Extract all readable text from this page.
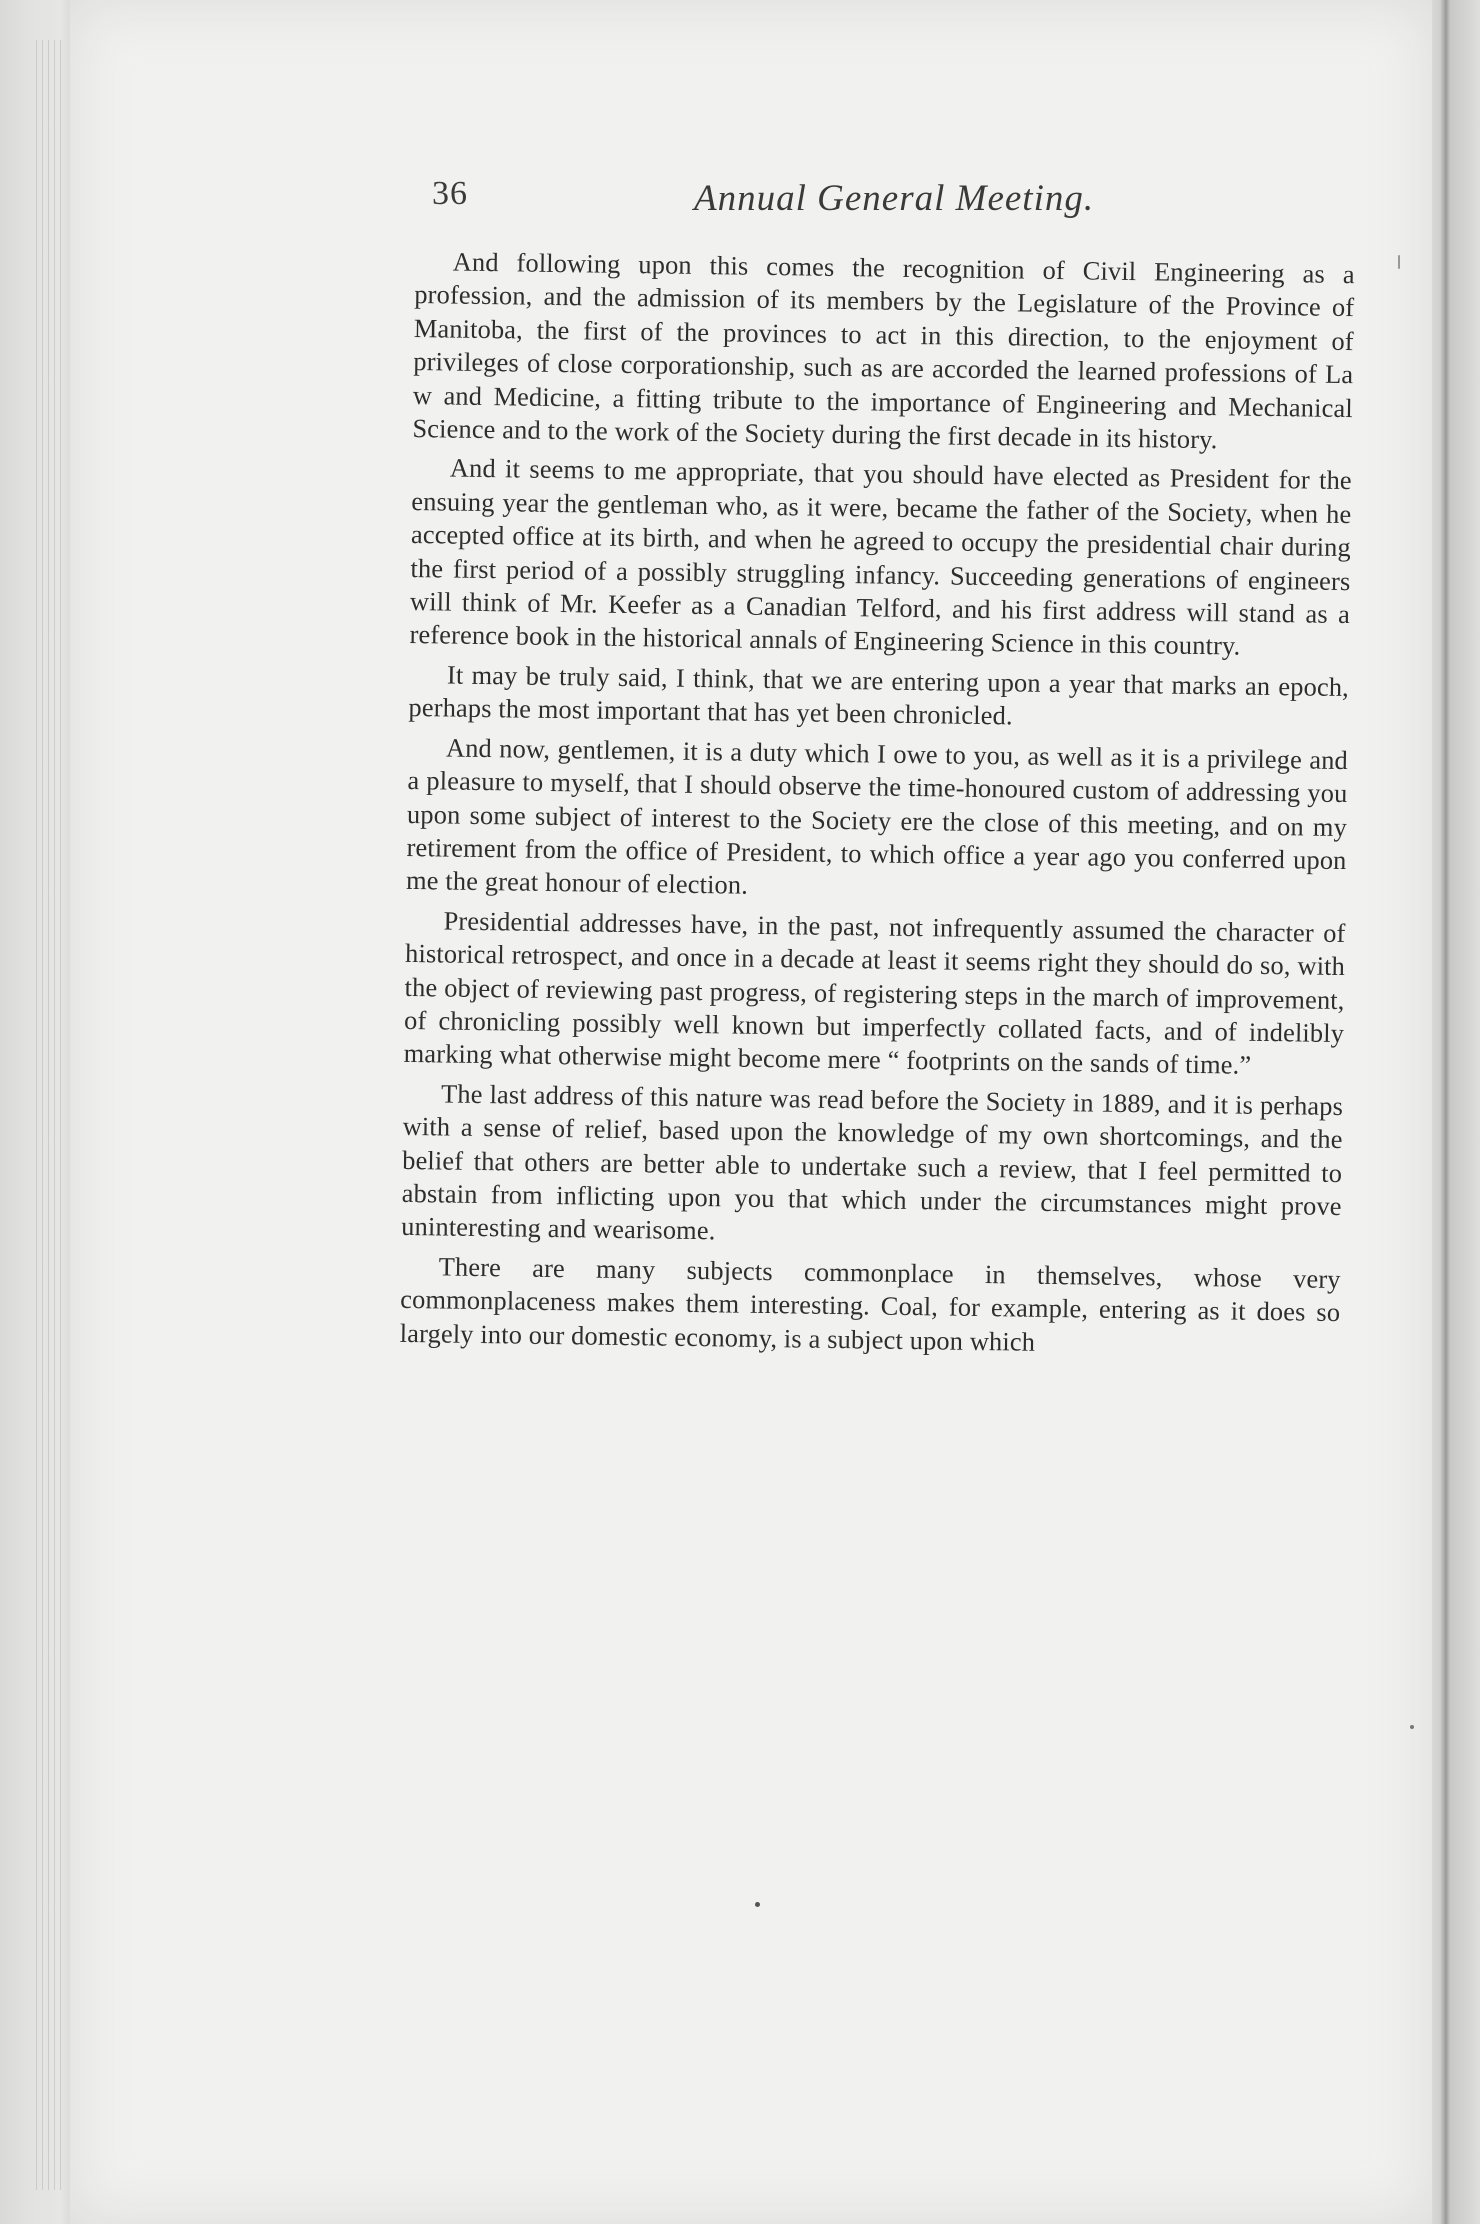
36	Annual General Meeting.

And following upon this comes the recognition of Civil Engineering as a profession, and the admission of its members by the Legislature of the Province of Manitoba, the first of the provinces to act in this direction, to the enjoyment of privileges of close corporationship, such as are accorded the learned professions of La w and Medicine, a fitting tribute to the importance of Engineering and Mechanical Science and to the work of the Society during the first decade in its history.

And it seems to me appropriate, that you should have elected as President for the ensuing year the gentleman who, as it were, became the father of the Society, when he accepted office at its birth, and when he agreed to occupy the presidential chair during the first period of a possibly struggling infancy. Succeeding generations of engineers will think of Mr. Keefer as a Canadian Telford, and his first address will stand as a reference book in the historical annals of Engineering Science in this country.

It may be truly said, I think, that we are entering upon a year that marks an epoch, perhaps the most important that has yet been chronicled.

And now, gentlemen, it is a duty which I owe to you, as well as it is a privilege and a pleasure to myself, that I should observe the time-honoured custom of addressing you upon some subject of interest to the Society ere the close of this meeting, and on my retirement from the office of President, to which office a year ago you conferred upon me the great honour of election.

Presidential addresses have, in the past, not infrequently assumed the character of historical retrospect, and once in a decade at least it seems right they should do so, with the object of reviewing past progress, of registering steps in the march of improvement, of chronicling possibly well known but imperfectly collated facts, and of indelibly marking what otherwise might become mere “ footprints on the sands of time.”

The last address of this nature was read before the Society in 1889, and it is perhaps with a sense of relief, based upon the knowledge of my own shortcomings, and the belief that others are better able to undertake such a review, that I feel permitted to abstain from inflicting upon you that which under the circumstances might prove uninteresting and wearisome.

There are many subjects commonplace in themselves, whose very commonplaceness makes them interesting. Coal, for example, entering as it does so largely into our domestic economy, is a subject upon which
